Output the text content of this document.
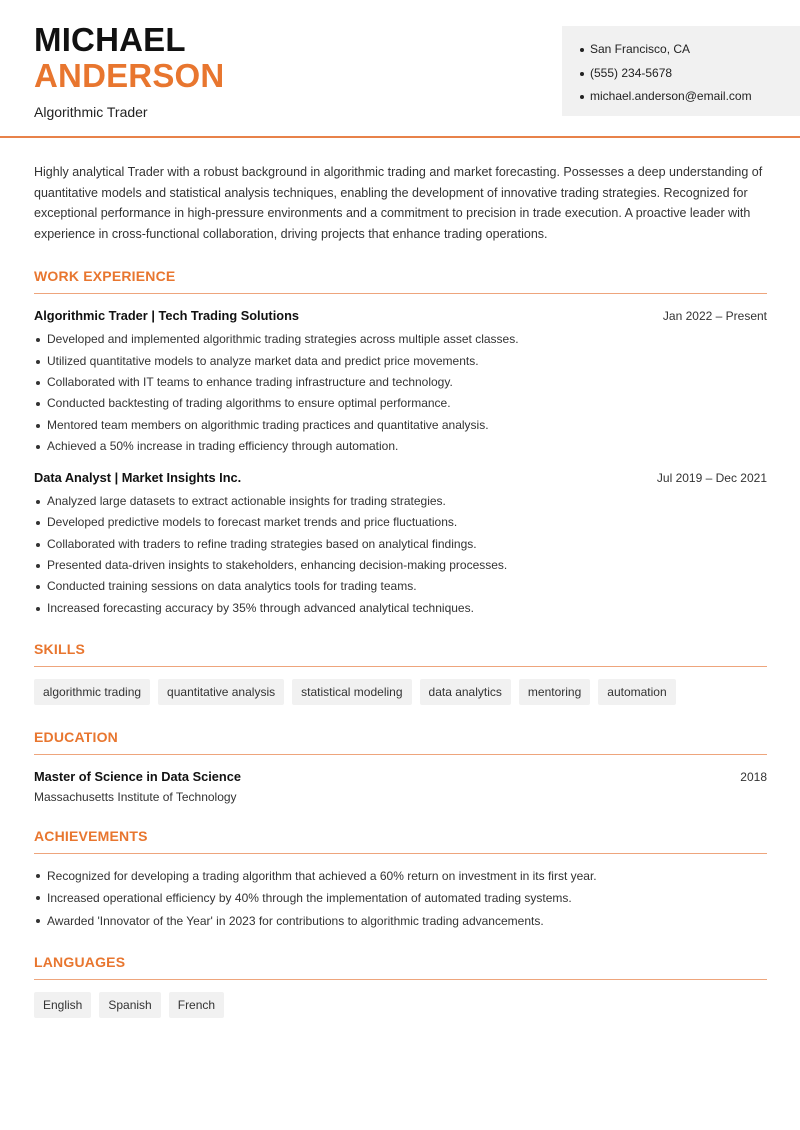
MICHAEL
ANDERSON
Algorithmic Trader
San Francisco, CA
(555) 234-5678
michael.anderson@email.com

Highly analytical Trader with a robust background in algorithmic trading and market forecasting. Possesses a deep understanding of quantitative models and statistical analysis techniques, enabling the development of innovative trading strategies. Recognized for exceptional performance in high-pressure environments and a commitment to precision in trade execution. A proactive leader with experience in cross-functional collaboration, driving projects that enhance trading operations.

WORK EXPERIENCE
Algorithmic Trader | Tech Trading Solutions	Jan 2022 – Present
Developed and implemented algorithmic trading strategies across multiple asset classes.
Utilized quantitative models to analyze market data and predict price movements.
Collaborated with IT teams to enhance trading infrastructure and technology.
Conducted backtesting of trading algorithms to ensure optimal performance.
Mentored team members on algorithmic trading practices and quantitative analysis.
Achieved a 50% increase in trading efficiency through automation.
Data Analyst | Market Insights Inc.	Jul 2019 – Dec 2021
Analyzed large datasets to extract actionable insights for trading strategies.
Developed predictive models to forecast market trends and price fluctuations.
Collaborated with traders to refine trading strategies based on analytical findings.
Presented data-driven insights to stakeholders, enhancing decision-making processes.
Conducted training sessions on data analytics tools for trading teams.
Increased forecasting accuracy by 35% through advanced analytical techniques.
SKILLS
algorithmic trading	quantitative analysis	statistical modeling	data analytics	mentoring	automation
EDUCATION
Master of Science in Data Science	2018
Massachusetts Institute of Technology
ACHIEVEMENTS
Recognized for developing a trading algorithm that achieved a 60% return on investment in its first year.
Increased operational efficiency by 40% through the implementation of automated trading systems.
Awarded 'Innovator of the Year' in 2023 for contributions to algorithmic trading advancements.
LANGUAGES
English	Spanish	French
